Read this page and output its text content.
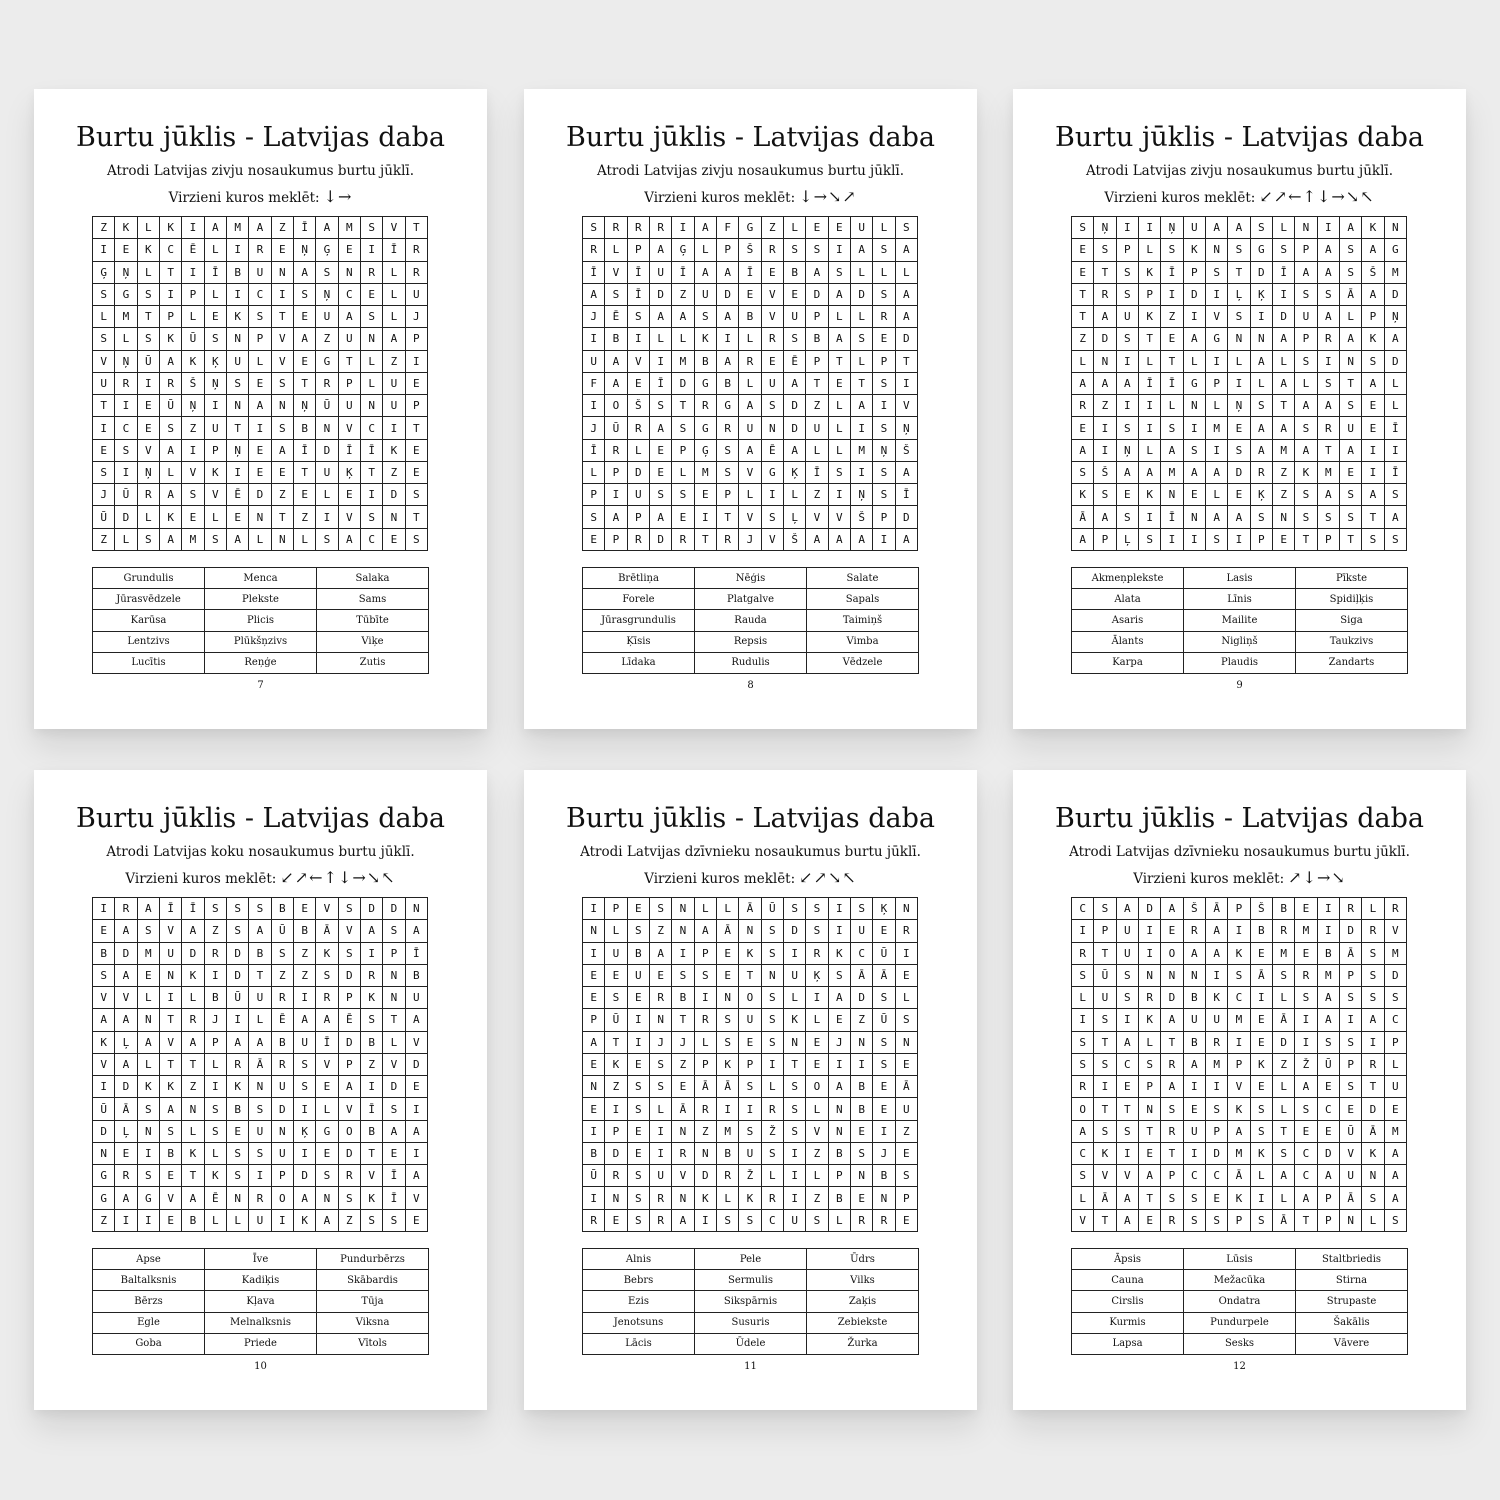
Burtu jūklis - Latvijas daba
Atrodi Latvijas zivju nosaukumus burtu jūklī.
Virzieni kuros meklēt: ↓→
Z	K	L	K	I	A	M	A	Z	Ī	A	M	S	V	T
I	E	K	C	Ē	L	I	R	E	Ņ	Ģ	E	I	Ī	R
Ģ	Ņ	L	T	I	Ī	B	U	N	A	S	N	R	L	R
S	G	S	I	P	L	I	C	I	S	Ņ	C	E	L	U
L	M	T	P	L	E	K	S	T	E	U	A	S	L	J
S	L	S	K	Ū	S	N	P	V	A	Z	U	N	A	P
V	Ņ	Ū	A	K	Ķ	U	L	V	E	G	T	L	Z	I
U	R	I	R	Š	Ņ	S	E	S	T	R	P	L	U	E
T	I	E	Ū	Ņ	I	N	A	N	Ņ	Ū	U	N	U	P
I	C	E	S	Z	U	T	I	S	B	N	V	C	I	T
E	S	V	A	I	P	Ņ	E	A	Ī	D	Ī	Ī	K	E
S	I	Ņ	L	V	K	I	E	E	T	U	Ķ	T	Z	E
J	Ū	R	A	S	V	Ē	D	Z	E	L	E	I	D	S
Ū	D	L	K	E	L	E	N	T	Z	I	V	S	N	T
Z	L	S	A	M	S	A	L	N	L	S	A	C	E	S
Grundulis	Menca	Salaka
Jūrasvēdzele	Plekste	Sams
Karūsa	Plicis	Tūbīte
Lentzivs	Plūkšņzivs	Viķe
Lucītis	Reņģe	Zutis
7
Burtu jūklis - Latvijas daba
Atrodi Latvijas zivju nosaukumus burtu jūklī.
Virzieni kuros meklēt: ↓→↘↗
S	R	R	R	I	A	F	G	Z	L	E	E	U	L	S
R	L	P	A	Ģ	L	P	Š	R	S	S	I	A	S	A
Ī	V	Ī	U	Ī	A	A	Ī	E	B	A	S	L	L	L
A	S	Ī	D	Z	U	D	E	V	E	D	A	D	S	A
J	Ē	S	A	A	S	A	B	V	U	P	L	L	R	A
I	B	I	L	L	K	I	L	R	S	B	A	S	E	D
U	A	V	I	M	B	A	R	E	Ē	P	T	L	P	T
F	A	E	Ī	D	G	B	L	U	A	T	E	T	S	I
I	O	Š	S	T	R	G	A	S	D	Z	L	A	I	V
J	Ū	R	A	S	G	R	U	N	D	U	L	I	S	Ņ
Ī	R	L	E	P	Ģ	S	A	Ē	A	L	L	M	Ņ	Š
L	P	D	E	L	M	S	V	G	Ķ	Ī	S	I	S	A
P	I	U	S	S	E	P	L	I	L	Z	I	Ņ	S	Ī
S	A	P	A	E	I	T	V	S	Ļ	V	V	Š	P	D
E	P	R	D	R	T	R	J	V	Š	A	A	A	I	A
Brētliņa	Nēģis	Salate
Forele	Platgalve	Sapals
Jūrasgrundulis	Rauda	Taimiņš
Ķīsis	Repsis	Vimba
Līdaka	Rudulis	Vēdzele
8
Burtu jūklis - Latvijas daba
Atrodi Latvijas zivju nosaukumus burtu jūklī.
Virzieni kuros meklēt: ↙↗←↑↓→↘↖
S	Ņ	I	I	Ņ	U	A	A	S	L	N	I	A	K	N
E	S	P	L	S	K	N	S	G	S	P	A	S	A	G
E	T	S	K	Ī	P	S	T	D	Ī	A	A	S	Š	M
T	R	S	P	I	D	I	Ļ	Ķ	I	S	S	Ā	A	D
T	A	U	K	Z	I	V	S	I	D	U	A	L	P	Ņ
Z	D	S	T	E	A	G	N	N	A	P	R	A	K	A
L	N	I	L	T	L	I	L	A	L	S	I	N	S	D
A	A	A	Ī	Ī	G	P	I	L	A	L	S	T	A	L
R	Z	I	I	L	N	L	Ņ	S	T	A	A	S	E	L
E	I	S	I	S	I	M	E	A	A	S	R	U	E	Ī
A	I	Ņ	L	A	S	I	S	A	M	A	T	A	I	I
S	Š	A	A	M	A	A	D	R	Z	K	M	E	I	Ī
K	S	E	K	N	E	L	E	Ķ	Z	S	A	S	A	S
Ā	A	S	I	Ī	N	A	A	S	N	S	S	S	T	A
A	P	Ļ	S	I	I	S	I	P	E	T	P	T	S	S
Akmeņplekste	Lasis	Pīkste
Alata	Līnis	Spidiļķis
Asaris	Mailite	Siga
Ālants	Nigliņš	Taukzivs
Karpa	Plaudis	Zandarts
9
Burtu jūklis - Latvijas daba
Atrodi Latvijas koku nosaukumus burtu jūklī.
Virzieni kuros meklēt: ↙↗←↑↓→↘↖
I	R	A	Ī	Ī	S	S	S	B	E	V	S	D	D	N
E	A	S	V	A	Z	S	A	Ū	B	Ā	V	A	S	A
B	D	M	U	D	R	D	B	S	Z	K	S	I	P	Ī
S	A	E	N	K	I	D	T	Z	Z	S	D	R	N	B
V	V	L	I	L	B	Ū	U	R	I	R	P	K	N	U
A	A	N	T	R	J	I	L	Ē	A	A	Ē	S	T	A
K	Ļ	A	V	A	P	A	A	B	U	Ī	D	B	L	V
V	A	L	T	T	L	R	Ā	R	S	V	P	Z	V	D
I	D	K	K	Z	I	K	N	U	S	E	A	I	D	E
Ū	Ā	S	A	N	S	B	S	D	I	L	V	Ī	S	I
D	Ļ	N	S	L	S	E	U	N	Ķ	G	O	B	A	A
N	E	I	B	K	L	S	S	U	I	E	D	T	E	I
G	R	S	E	T	K	S	I	P	D	S	R	V	Ī	A
G	A	G	V	A	Ē	N	R	O	A	N	S	K	Ī	V
Z	I	I	E	B	L	L	U	I	K	A	Z	S	S	E
Apse	Īve	Pundurbērzs
Baltalksnis	Kadiķis	Skābardis
Bērzs	Kļava	Tūja
Egle	Melnalksnis	Viksna
Goba	Priede	Vītols
10
Burtu jūklis - Latvijas daba
Atrodi Latvijas dzīvnieku nosaukumus burtu jūklī.
Virzieni kuros meklēt: ↙↗↘↖
I	P	E	S	N	L	L	Ā	Ū	S	S	I	S	Ķ	N
N	L	S	Z	N	A	Ā	N	S	D	S	I	U	E	R
I	U	B	A	I	P	E	K	S	I	R	K	C	Ū	I
E	E	U	E	S	S	E	T	N	U	Ķ	S	Ā	Ā	E
E	S	E	R	B	I	N	O	S	L	I	A	D	S	L
P	Ū	I	N	T	R	S	U	S	K	L	E	Z	Ū	S
A	T	I	J	J	L	S	E	S	N	E	J	N	S	N
E	K	E	S	Z	P	K	P	I	T	E	I	I	S	E
N	Z	S	S	E	Ā	Ā	S	L	S	O	A	B	E	Ā
E	I	S	L	Ā	R	I	I	R	S	L	N	B	E	U
I	P	E	I	N	Z	M	S	Ž	S	V	N	E	I	Z
B	D	E	I	R	N	B	U	S	I	Z	B	S	J	E
Ū	R	S	U	V	D	R	Ž	L	I	L	P	N	B	S
I	N	S	R	N	K	L	K	R	I	Z	B	E	N	P
R	E	S	R	A	I	S	S	C	U	S	L	R	R	E
Alnis	Pele	Ūdrs
Bebrs	Sermulis	Vilks
Ezis	Sikspārnis	Zaķis
Jenotsuns	Susuris	Zebiekste
Lācis	Ūdele	Žurka
11
Burtu jūklis - Latvijas daba
Atrodi Latvijas dzīvnieku nosaukumus burtu jūklī.
Virzieni kuros meklēt: ↗↓→↘
C	S	A	D	A	Š	Ā	P	Š	B	E	I	R	L	R
I	P	U	I	E	R	A	I	B	R	M	I	D	R	V
R	T	U	I	O	A	A	K	E	M	E	B	Ā	S	M
S	Ū	S	N	N	N	I	S	Ā	S	R	M	P	S	D
L	U	S	R	D	B	K	C	I	L	S	A	S	S	S
I	S	I	K	A	U	U	M	E	Ā	I	A	I	A	C
S	T	A	L	T	B	R	I	E	D	I	S	S	I	P
S	S	C	S	R	A	M	P	K	Z	Ž	Ū	P	R	L
R	I	E	P	A	I	I	V	E	L	A	E	S	T	U
O	T	T	N	S	E	S	K	S	L	S	C	E	D	E
A	S	S	T	R	U	P	A	S	T	E	E	Ū	Ā	M
C	K	I	E	T	I	D	M	K	S	C	D	V	K	A
S	V	V	A	P	C	C	Ā	L	A	C	A	U	N	A
L	Ā	A	T	S	S	E	K	I	L	A	P	Ā	S	A
V	T	A	E	R	S	S	P	S	Ā	T	P	N	L	S
Āpsis	Lūsis	Staltbriedis
Cauna	Mežacūka	Stirna
Cirslis	Ondatra	Strupaste
Kurmis	Pundurpele	Šakālis
Lapsa	Sesks	Vāvere
12
